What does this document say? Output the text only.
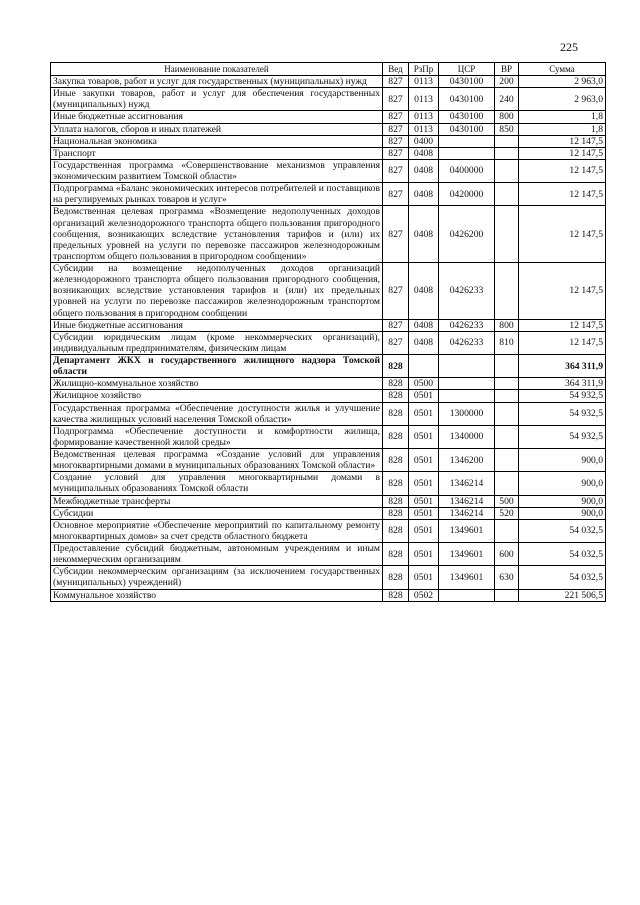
225
Наименование показателей	Вед	РзПр	ЦСР	ВР	Сумма
Закупка товаров, работ и услуг для государственных (муниципальных) нужд	827	0113	0430100	200	2 963,0
Иные закупки товаров, работ и услуг для обеспечения государственных (муниципальных) нужд	827	0113	0430100	240	2 963,0
Иные бюджетные ассигнования	827	0113	0430100	800	1,8
Уплата налогов, сборов и иных платежей	827	0113	0430100	850	1,8
Национальная экономика	827	0400			12 147,5
Транспорт	827	0408			12 147,5
Государственная программа «Совершенствование механизмов управления экономическим развитием Томской области»	827	0408	0400000		12 147,5
Подпрограмма «Баланс экономических интересов потребителей и поставщиков на регулируемых рынках товаров и услуг»	827	0408	0420000		12 147,5
Ведомственная целевая программа «Возмещение недополученных доходов организаций железнодорожного транспорта общего пользования пригородного сообщения, возникающих вследствие установления тарифов и (или) их предельных уровней на услуги по перевозке пассажиров железнодорожным транспортом общего пользования в пригородном сообщении»	827	0408	0426200		12 147,5
Субсидии на возмещение недополученных доходов организаций железнодорожного транспорта общего пользования пригородного сообщения, возникающих вследствие установления тарифов и (или) их предельных уровней на услуги по перевозке пассажиров железнодорожным транспортом общего пользования в пригородном сообщении	827	0408	0426233		12 147,5
Иные бюджетные ассигнования	827	0408	0426233	800	12 147,5
Субсидии юридическим лицам (кроме некоммерческих организаций), индивидуальным предпринимателям, физическим лицам	827	0408	0426233	810	12 147,5
Департамент ЖКХ и государственного жилищного надзора Томской области	828				364 311,9
Жилищно-коммунальное хозяйство	828	0500			364 311,9
Жилищное хозяйство	828	0501			54 932,5
Государственная программа «Обеспечение доступности жилья и улучшение качества жилищных условий населения Томской области»	828	0501	1300000		54 932,5
Подпрограмма «Обеспечение доступности и комфортности жилища, формирование качественной жилой среды»	828	0501	1340000		54 932,5
Ведомственная целевая программа «Создание условий для управления многоквартирными домами в муниципальных образованиях Томской области»	828	0501	1346200		900,0
Создание условий для управления многоквартирными домами в муниципальных образованиях Томской области	828	0501	1346214		900,0
Межбюджетные трансферты	828	0501	1346214	500	900,0
Субсидии	828	0501	1346214	520	900,0
Основное мероприятие «Обеспечение мероприятий по капитальному ремонту многоквартирных домов» за счет средств областного бюджета	828	0501	1349601		54 032,5
Предоставление субсидий бюджетным, автономным учреждениям и иным некоммерческим организациям	828	0501	1349601	600	54 032,5
Субсидии некоммерческим организациям (за исключением государственных (муниципальных) учреждений)	828	0501	1349601	630	54 032,5
Коммунальное хозяйство	828	0502			221 506,5
